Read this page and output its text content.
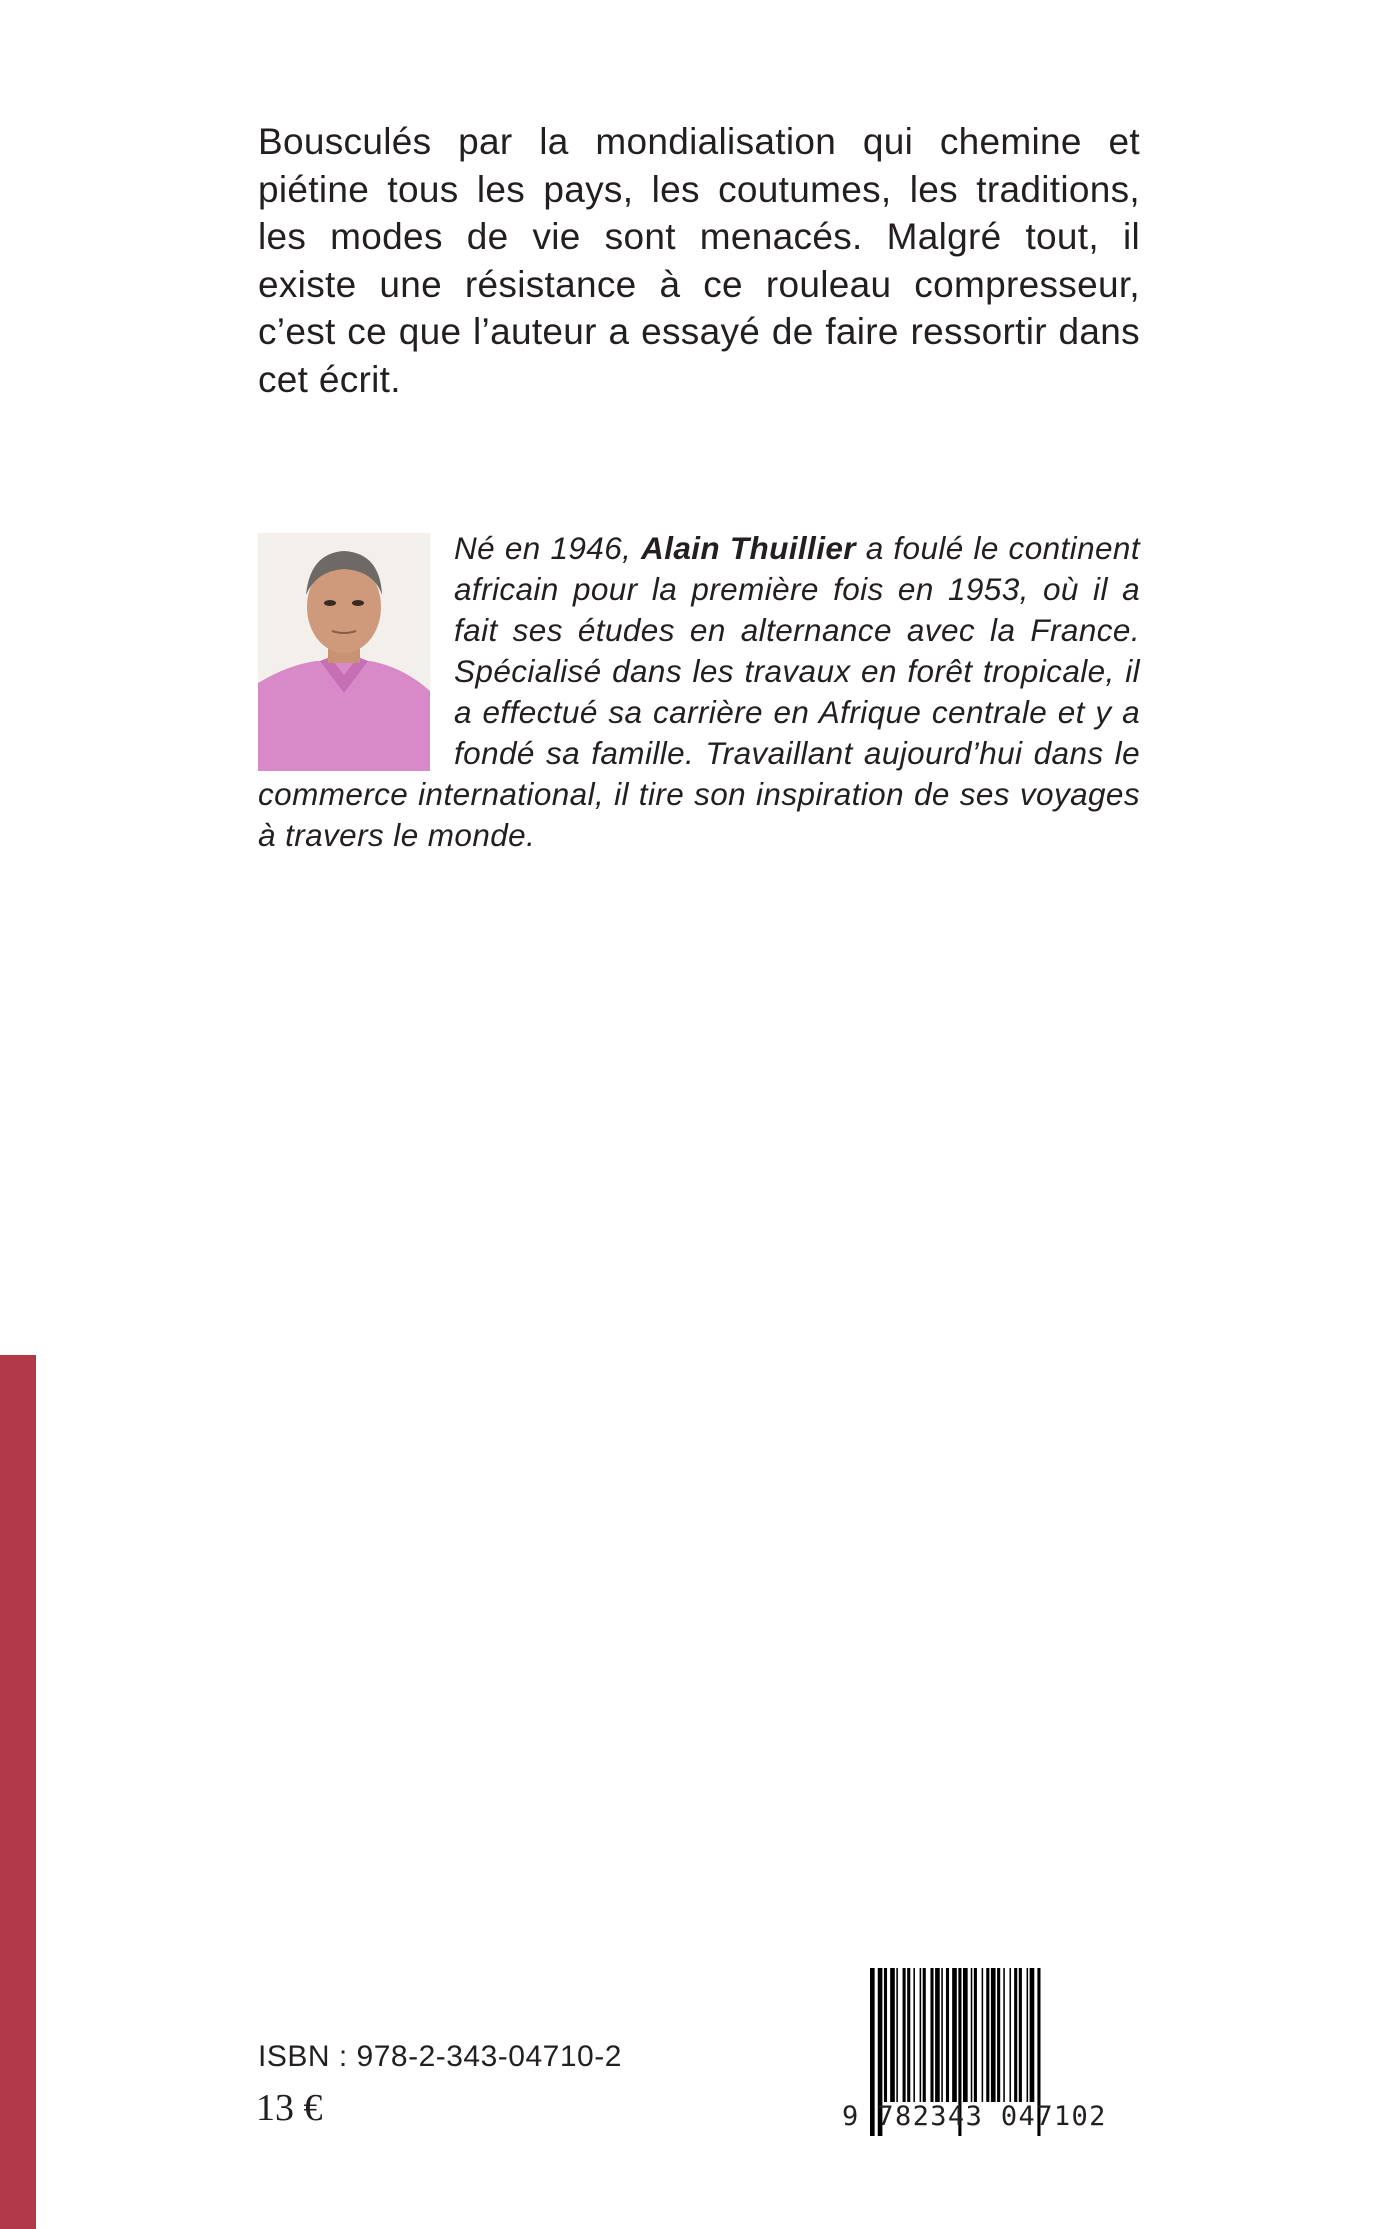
Bousculés par la mondialisation qui chemine et piétine tous les pays, les coutumes, les traditions, les modes de vie sont menacés. Malgré tout, il existe une résistance à ce rouleau compresseur, c’est ce que l’auteur a essayé de faire ressortir dans cet écrit.

Né en 1946, Alain Thuillier a foulé le continent africain pour la première fois en 1953, où il a fait ses études en alternance avec la France. Spécialisé dans les travaux en forêt tropicale, il a effectué sa carrière en Afrique centrale et y a fondé sa famille. Travaillant aujourd’hui dans le commerce international, il tire son inspiration de ses voyages à travers le monde.

ISBN : 978-2-343-04710-2
13 €	9 782343 047102
